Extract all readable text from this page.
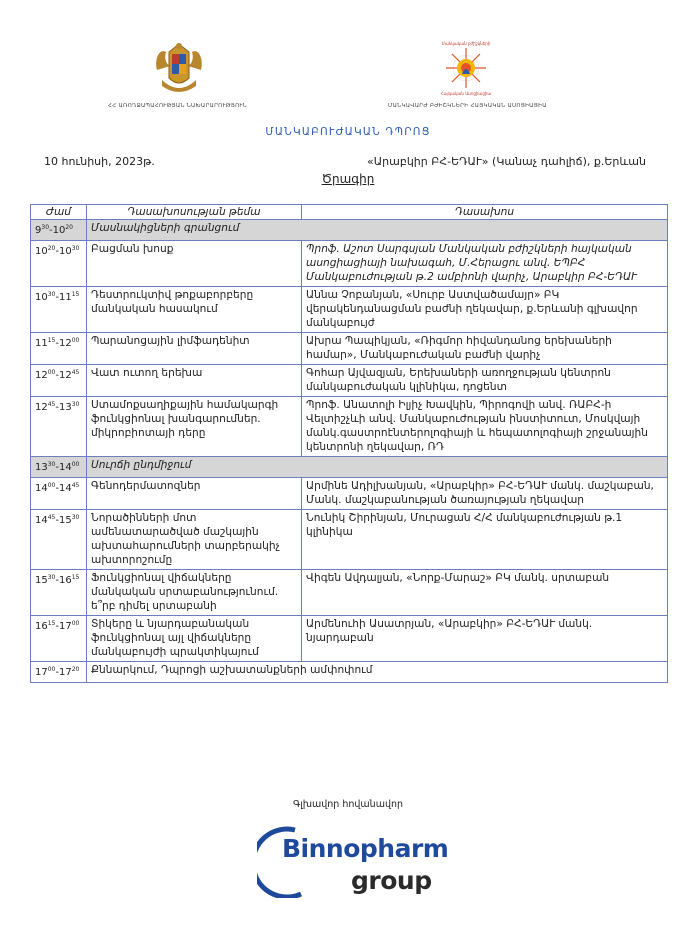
Մանկական բժիշկների
Հայկական Ասոցիացիա
ՀՀ ԱՌՈՂՋԱՊԱՀՈՒԹՅԱՆ ՆԱԽԱՐԱՐՈՒԹՅՈՒՆ	ՄԱՆԿԱՎԱՐԺ ԲԺԻՇԿՆԵՐԻ ՀԱՅԿԱԿԱՆ ԱՍՈՑԻԱՑԻԱ
ՄԱՆԿԱԲՈՒԺԱԿԱՆ ԴՊՐՈՑ
10 հունիսի, 2023թ.	«Արաբկիր ԲՀ-ԵԴԱՒ» (Կանաչ դահլիճ), ք.Երևան
Ծրագիր
Ժամ	Դասախոսության թեմա	Դասախոս
$9^{30}-10^{20}$	Մասնակիցների գրանցում	
$10^{20}-10^{30}$	Բացման խոսք	Պրոֆ. Աշոտ Սարգսյան Մանկական բժիշկների հայկական ասոցիացիայի նախագահ, Մ.Հերացու անվ. ԵՊԲՀ Մանկաբուժության թ.2 ամբիոնի վարիչ, Արաբկիր ԲՀ-ԵԴԱՒ
$10^{30}-11^{15}$	Դեստրուկտիվ թոքաբորբերը մանկական հասակում	Աննա Չոբանյան, «Սուրբ Աստվածամայր» ԲԿ վերակենդանացման բաժնի ղեկավար, ք.Երևանի գլխավոր մանկաբույժ
$11^{15}-12^{00}$	Պարանոցային լիմֆադենիտ	Ախրա Պապիկյան, «Ռիգմոր հիվանդանոց երեխաների համար», Մանկաբուժական բաժնի վարիչ
$12^{00}-12^{45}$	Վատ ուտող երեխա	Գոհար Այվազյան, Երեխաների առողջության կենտրոն մանկաբուժական կլինիկա, դոցենտ
$12^{45}-13^{30}$	Ստամոքսաղիքային համակարգի ֆունկցիոնալ խանգարումներ. միկրոբիոտայի դերը	Պրոֆ. Անատոլի Իլյիչ Խավկին, Պիրոգովի անվ. ՌԱԲՀ-ի Վելտիշչևի անվ. Մանկաբուժության ինստիտուտ, Մոսկվայի մանկ.գաստրոէնտերոլոգիայի և հեպատոլոգիայի շրջանային կենտրոնի ղեկավար, ՌԴ
$13^{30}-14^{00}$	Սուրճի ընդմիջում	
$14^{00}-14^{45}$	Գենոդերմատոզներ	Արմինե Ադիլխանյան, «Արաբկիր» ԲՀ-ԵԴԱՒ մանկ. մաշկաբան, Մանկ. մաշկաբանության ծառայության ղեկավար
$14^{45}-15^{30}$	Նորածինների մոտ ամենատարածված մաշկային ախտահարումների տարբերակիչ ախտորոշումը	Նունիկ Շիրինյան, Մուրացան Հ/Հ մանկաբուժության թ.1 կլինիկա
$15^{30}-16^{15}$	Ֆունկցիոնալ վիճակները մանկական սրտաբանությունում. ե՞րբ դիմել սրտաբանի	Վիգեն Ավդալյան, «Նորք-Մարաշ» ԲԿ մանկ. սրտաբան
$16^{15}-17^{00}$	Տիկերը և նյարդաբանական ֆունկցիոնալ այլ վիճակները մանկաբույժի պրակտիկայում	Արմենուհի Ասատրյան, «Արաբկիր» ԲՀ-ԵԴԱՒ մանկ. նյարդաբան
$17^{00}-17^{20}$	Քննարկում, Դպրոցի աշխատանքների ամփոփում	
Գլխավոր հովանավոր
Binnopharm
group
